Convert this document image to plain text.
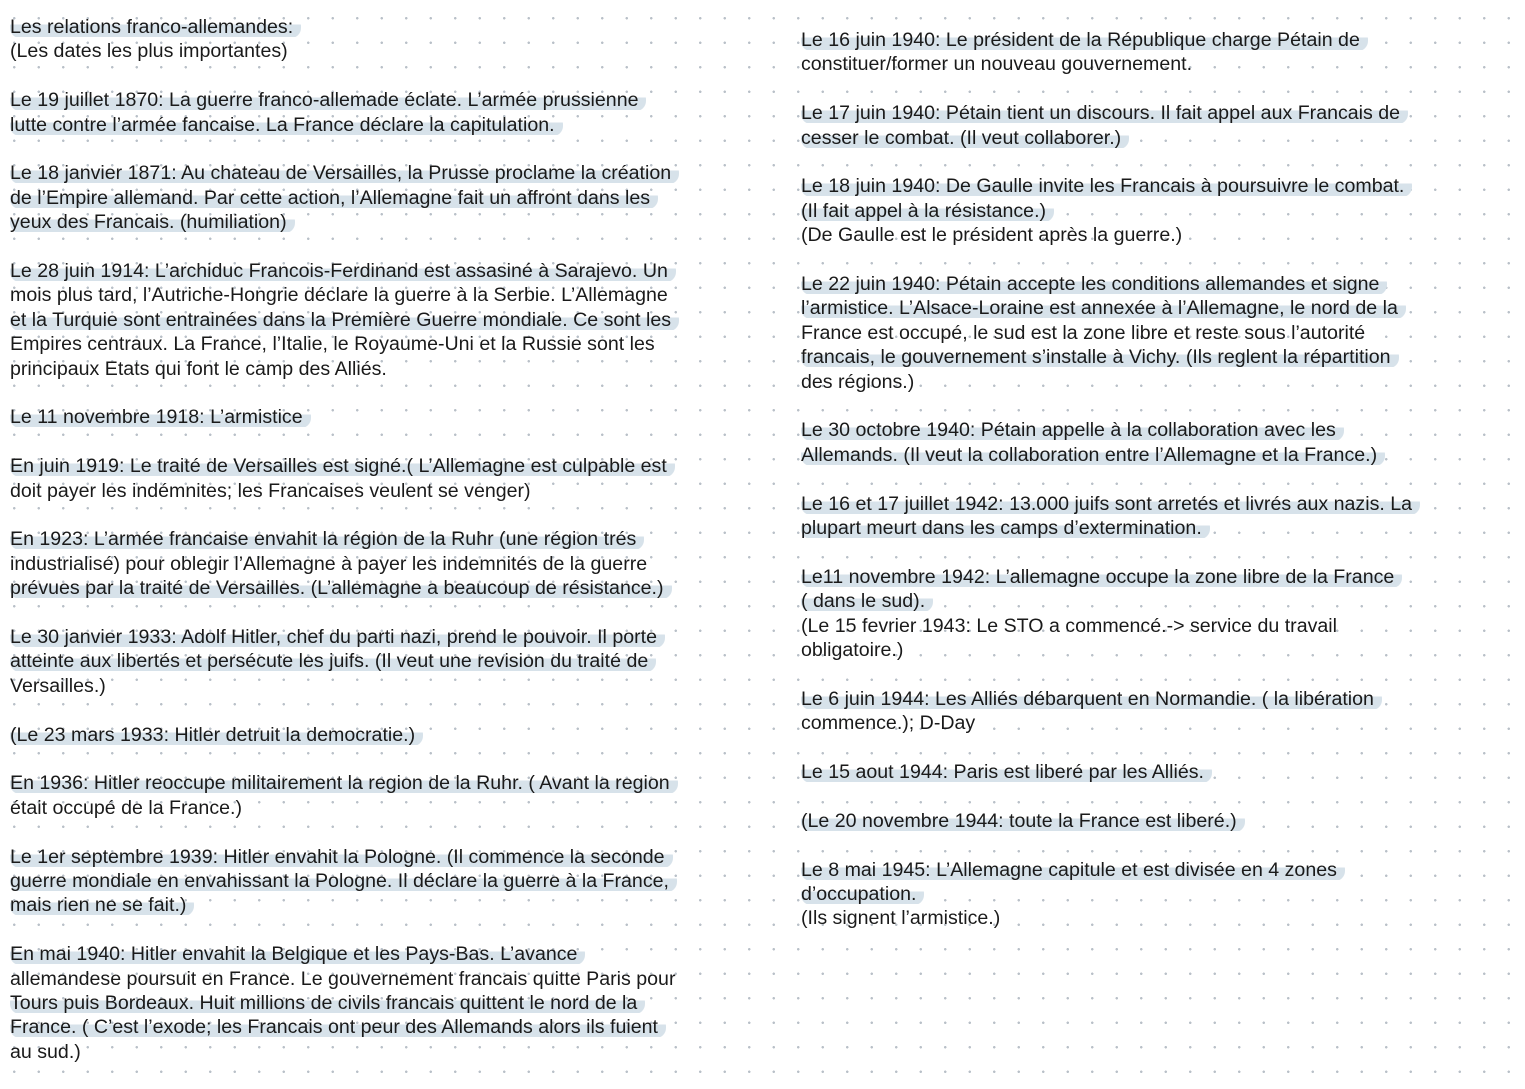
Les relations franco-allemandes:
(Les dates les plus importantes)
Le 19 juillet 1870: La guerre franco-allemade éclate. L’armée prussienne
lutte contre l’armée fancaise. La France déclare la capitulation.
Le 18 janvier 1871: Au chateau de Versailles, la Prusse proclame la création
de l’Empire allemand. Par cette action, l’Allemagne fait un affront dans les
yeux des Francais. (humiliation)
Le 28 juin 1914: L’archiduc Francois-Ferdinand est assasiné à Sarajevo. Un
mois plus tard, l’Autriche-Hongrie déclare la guerre à la Serbie. L’Allemagne
et la Turquie sont entrainées dans la Première Guerre mondiale. Ce sont les
Empires centraux. La France, l’Italie, le Royaume-Uni et la Russie sont les
principaux Etats qui font le camp des Alliés.
Le 11 novembre 1918: L’armistice
En juin 1919: Le traité de Versailles est signé.( L’Allemagne est culpable est
doit payer les indémnites; les Francaises veulent se venger)
En 1923: L’armée francaise envahit la région de la Ruhr (une région trés
industrialisé) pour oblegir l’Allemagne à payer les indemnités de la guerre
prévues par la traité de Versailles. (L’allemagne a beaucoup de résistance.)
Le 30 janvier 1933: Adolf Hitler, chef du parti nazi, prend le pouvoir. Il porte
atteinte aux libertés et persécute les juifs. (Il veut une revision du traité de
Versailles.)
(Le 23 mars 1933: Hitler detruit la democratie.)
En 1936: Hitler reoccupe militairement la region de la Ruhr. ( Avant la region
était occupé de la France.)
Le 1er septembre 1939: Hitler envahit la Pologne. (Il commence la seconde
guerre mondiale en envahissant la Pologne. Il déclare la guerre à la France,
mais rien ne se fait.)
En mai 1940: Hitler envahit la Belgique et les Pays-Bas. L’avance
allemandese poursuit en France. Le gouvernement francais quitte Paris pour
Tours puis Bordeaux. Huit millions de civils francais quittent le nord de la
France. ( C’est l’exode; les Francais ont peur des Allemands alors ils fuient
au sud.)
Le 16 juin 1940: Le président de la République charge Pétain de
constituer/former un nouveau gouvernement.
Le 17 juin 1940: Pétain tient un discours. Il fait appel aux Francais de
cesser le combat. (Il veut collaborer.)
Le 18 juin 1940: De Gaulle invite les Francais à poursuivre le combat.
(Il fait appel à la résistance.)
(De Gaulle est le président après la guerre.)
Le 22 juin 1940: Pétain accepte les conditions allemandes et signe
l’armistice. L’Alsace-Loraine est annexée à l’Allemagne, le nord de la
France est occupé, le sud est la zone libre et reste sous l’autorité
francais, le gouvernement s’installe à Vichy. (Ils reglent la répartition
des régions.)
Le 30 octobre 1940: Pétain appelle à la collaboration avec les
Allemands. (Il veut la collaboration entre l’Allemagne et la France.)
Le 16 et 17 juillet 1942: 13.000 juifs sont arretés et livrés aux nazis. La
plupart meurt dans les camps d’extermination.
Le11 novembre 1942: L’allemagne occupe la zone libre de la France
( dans le sud).
(Le 15 fevrier 1943: Le STO a commencé.-> service du travail
obligatoire.)
Le 6 juin 1944: Les Alliés débarquent en Normandie. ( la libération
commence.); D-Day
Le 15 aout 1944: Paris est liberé par les Alliés.
(Le 20 novembre 1944: toute la France est liberé.)
Le 8 mai 1945: L’Allemagne capitule et est divisée en 4 zones
d’occupation.
(Ils signent l’armistice.)
